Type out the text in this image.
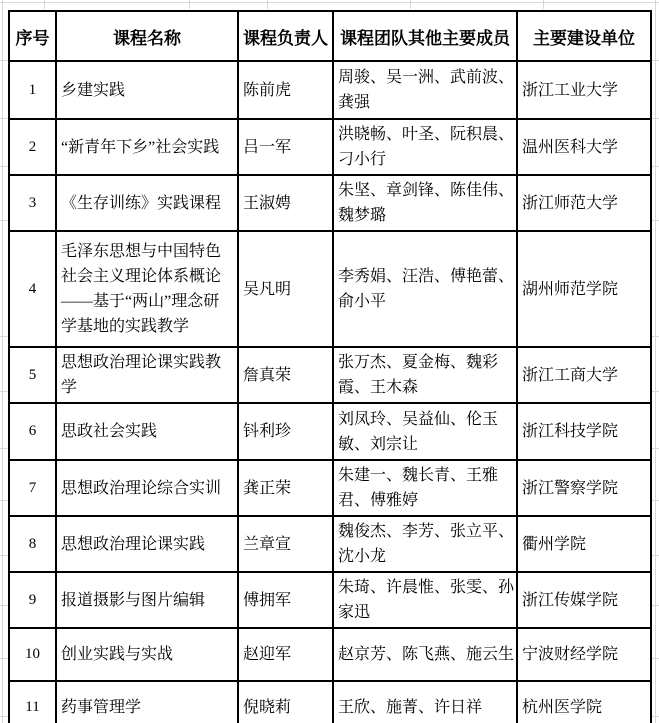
序号	课程名称	课程负责人	课程团队其他主要成员	主要建设单位
1	乡建实践	陈前虎	周骏、吴一洲、武前波、龚强	浙江工业大学
2	“新青年下乡”社会实践	吕一军	洪晓畅、叶圣、阮积晨、刁小行	温州医科大学
3	《生存训练》实践课程	王淑娉	朱坚、章剑锋、陈佳伟、魏梦璐	浙江师范大学
4	毛泽东思想与中国特色社会主义理论体系概论——基于“两山”理念研学基地的实践教学	吴凡明	李秀娟、汪浩、傅艳蕾、俞小平	湖州师范学院
5	思想政治理论课实践教学	詹真荣	张万杰、夏金梅、魏彩霞、王木森	浙江工商大学
6	思政社会实践	钭利珍	刘凤玲、吴益仙、伦玉敏、刘宗让	浙江科技学院
7	思想政治理论综合实训	龚正荣	朱建一、魏长青、王雅君、傅雅婷	浙江警察学院
8	思想政治理论课实践	兰章宣	魏俊杰、李芳、张立平、沈小龙	衢州学院
9	报道摄影与图片编辑	傅拥军	朱琦、许晨惟、张雯、孙家迅	浙江传媒学院
10	创业实践与实战	赵迎军	赵京芳、陈飞燕、施云生	宁波财经学院
11	药事管理学	倪晓莉	王欣、施菁、许日祥	杭州医学院
